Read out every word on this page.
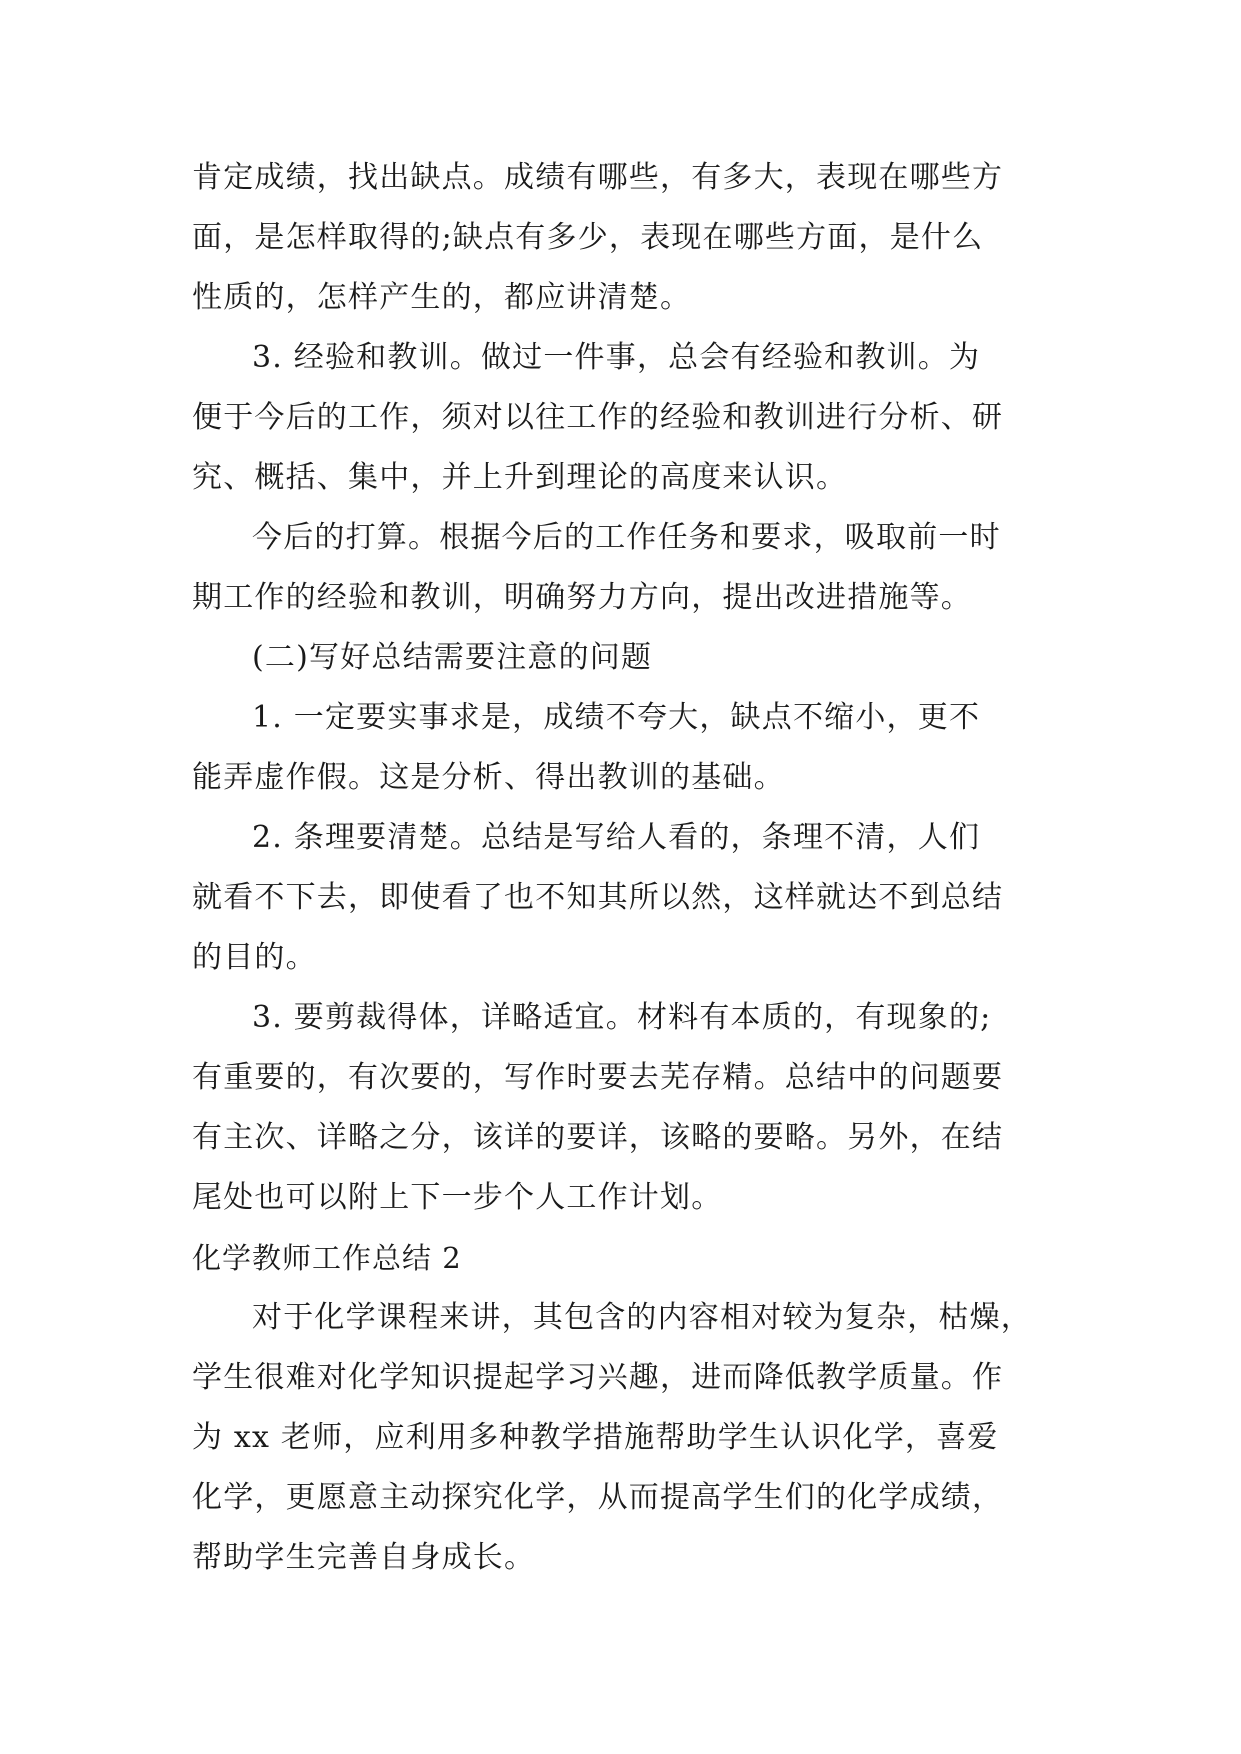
肯定成绩，找出缺点。成绩有哪些，有多大，表现在哪些方
面，是怎样取得的;缺点有多少，表现在哪些方面，是什么
性质的，怎样产生的，都应讲清楚。
3. 经验和教训。做过一件事，总会有经验和教训。为
便于今后的工作，须对以往工作的经验和教训进行分析、研
究、概括、集中，并上升到理论的高度来认识。
今后的打算。根据今后的工作任务和要求，吸取前一时
期工作的经验和教训，明确努力方向，提出改进措施等。
(二)写好总结需要注意的问题
1. 一定要实事求是，成绩不夸大，缺点不缩小，更不
能弄虚作假。这是分析、得出教训的基础。
2. 条理要清楚。总结是写给人看的，条理不清，人们
就看不下去，即使看了也不知其所以然，这样就达不到总结
的目的。
3. 要剪裁得体，详略适宜。材料有本质的，有现象的;
有重要的，有次要的，写作时要去芜存精。总结中的问题要
有主次、详略之分，该详的要详，该略的要略。另外，在结
尾处也可以附上下一步个人工作计划。
化学教师工作总结 2
对于化学课程来讲，其包含的内容相对较为复杂，枯燥，
学生很难对化学知识提起学习兴趣，进而降低教学质量。作
为 xx 老师，应利用多种教学措施帮助学生认识化学，喜爱
化学，更愿意主动探究化学，从而提高学生们的化学成绩，
帮助学生完善自身成长。
